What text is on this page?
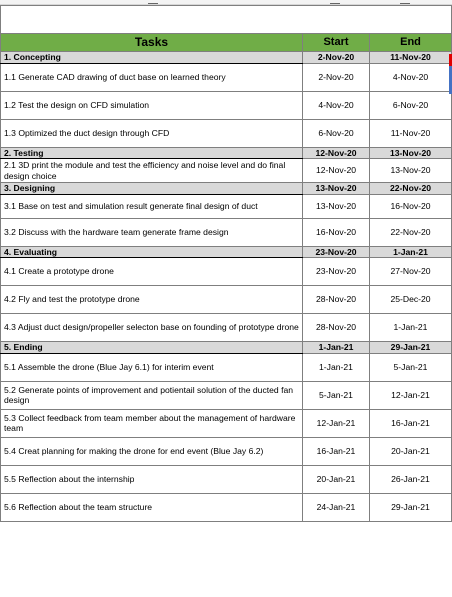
Tasks	Start	End
1. Concepting	2-Nov-20	11-Nov-20
1.1 Generate CAD drawing of duct base on learned theory	2-Nov-20	4-Nov-20
1.2 Test the design on CFD simulation	4-Nov-20	6-Nov-20
1.3 Optimized the duct design through CFD	6-Nov-20	11-Nov-20
2. Testing	12-Nov-20	13-Nov-20
2.1 3D print the module and test the efficiency and noise level and do final design choice	12-Nov-20	13-Nov-20
3. Designing	13-Nov-20	22-Nov-20
3.1 Base on test and simulation result generate final design of duct	13-Nov-20	16-Nov-20
3.2 Discuss with the hardware team generate frame design	16-Nov-20	22-Nov-20
4. Evaluating	23-Nov-20	1-Jan-21
4.1 Create a prototype drone	23-Nov-20	27-Nov-20
4.2 Fly and test the prototype drone	28-Nov-20	25-Dec-20
4.3 Adjust duct design/propeller selecton base on founding of prototype drone	28-Nov-20	1-Jan-21
5. Ending	1-Jan-21	29-Jan-21
5.1 Assemble the drone (Blue Jay 6.1) for interim event	1-Jan-21	5-Jan-21
5.2 Generate points of improvement and potientail solution of the ducted fan design	5-Jan-21	12-Jan-21
5.3 Collect feedback from team member about the management of hardware team	12-Jan-21	16-Jan-21
5.4 Creat planning for making the drone for end event (Blue Jay 6.2)	16-Jan-21	20-Jan-21
5.5 Reflection about the internship	20-Jan-21	26-Jan-21
5.6 Reflection about the team structure	24-Jan-21	29-Jan-21
